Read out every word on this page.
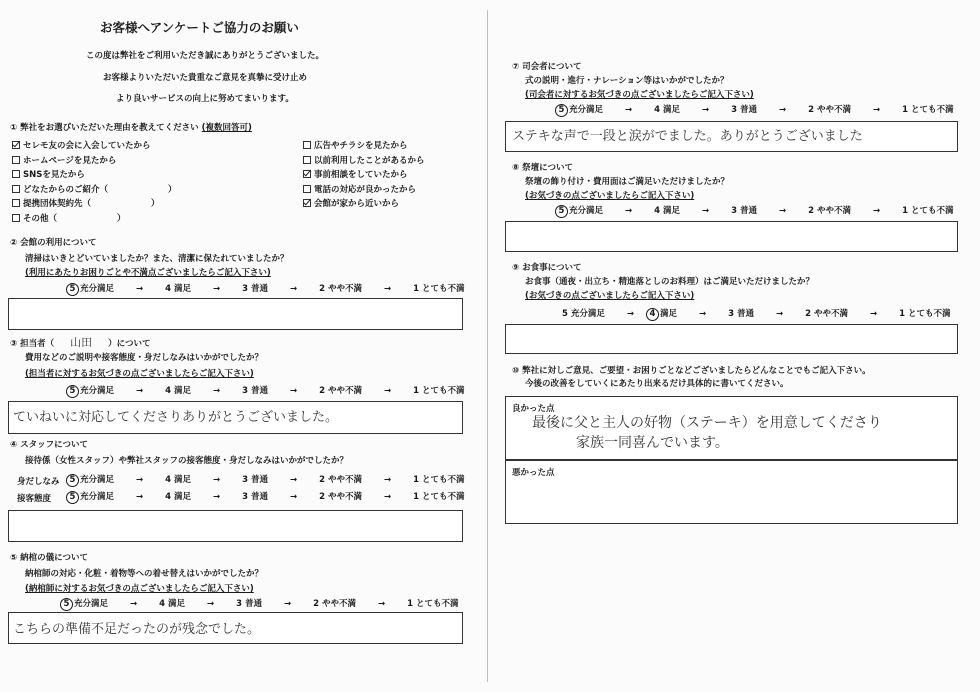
お客様へアンケートご協力のお願い
この度は弊社をご利用いただき誠にありがとうございました。
お客様よりいただいた貴重なご意見を真摯に受け止め
より良いサービスの向上に努めてまいります。
① 弊社をお選びいただいた理由を教えてください (複数回答可)
セレモ友の会に入会していたから
ホームページを見たから
SNSを見たから
どなたからのご紹介（	）
提携団体契約先（	）
その他（	）
広告やチラシを見たから
以前利用したことがあるから
事前相談をしていたから
電話の対応が良かったから
会館が家から近いから
② 会館の利用について
清掃はいきとどいていましたか？また、清潔に保たれていましたか？
(利用にあたりお困りごとや不満点ございましたらご記入下さい)
5 充分満足	→	4 満足	→	3 普通	→	2 やや不満	→	1 とても不満
③ 担当者（ 山田 ）について
費用などのご説明や接客態度・身だしなみはいかがでしたか？
(担当者に対するお気づきの点ございましたらご記入下さい)
5 充分満足	→	4 満足	→	3 普通	→	2 やや不満	→	1 とても不満
ていねいに対応してくださりありがとうございました。
④ スタッフについて
接待係（女性スタッフ）や弊社スタッフの接客態度・身だしなみはいかがでしたか？
身だしなみ	5 充分満足	→	4 満足	→	3 普通	→	2 やや不満	→	1 とても不満
接客態度	5 充分満足	→	4 満足	→	3 普通	→	2 やや不満	→	1 とても不満
⑤ 納棺の儀について
納棺師の対応・化粧・着物等への着せ替えはいかがでしたか？
(納棺師に対するお気づきの点ございましたらご記入下さい)
5 充分満足	→	4 満足	→	3 普通	→	2 やや不満	→	1 とても不満
こちらの準備不足だったのが残念でした。
⑦ 司会者について
式の説明・進行・ナレーション等はいかがでしたか？
(司会者に対するお気づきの点ございましたらご記入下さい)
5 充分満足	→	4 満足	→	3 普通	→	2 やや不満	→	1 とても不満
ステキな声で一段と涙がでました。ありがとうございました
⑧ 祭壇について
祭壇の飾り付け・費用面はご満足いただけましたか？
(お気づきの点ございましたらご記入下さい)
5 充分満足	→	4 満足	→	3 普通	→	2 やや不満	→	1 とても不満
⑨ お食事について
お食事（通夜・出立ち・精進落としのお料理）はご満足いただけましたか？
(お気づきの点ございましたらご記入下さい)
5 充分満足	→ 4 満足	→	3 普通	→	2 やや不満	→	1 とても不満
⑩ 弊社に対しご意見、ご要望・お困りごとなどございましたらどんなことでもご記入下さい。
今後の改善をしていくにあたり出来るだけ具体的に書いてください。
良かった点
最後に父と主人の好物（ステーキ）を用意してくださり
家族一同喜んでいます。
悪かった点
